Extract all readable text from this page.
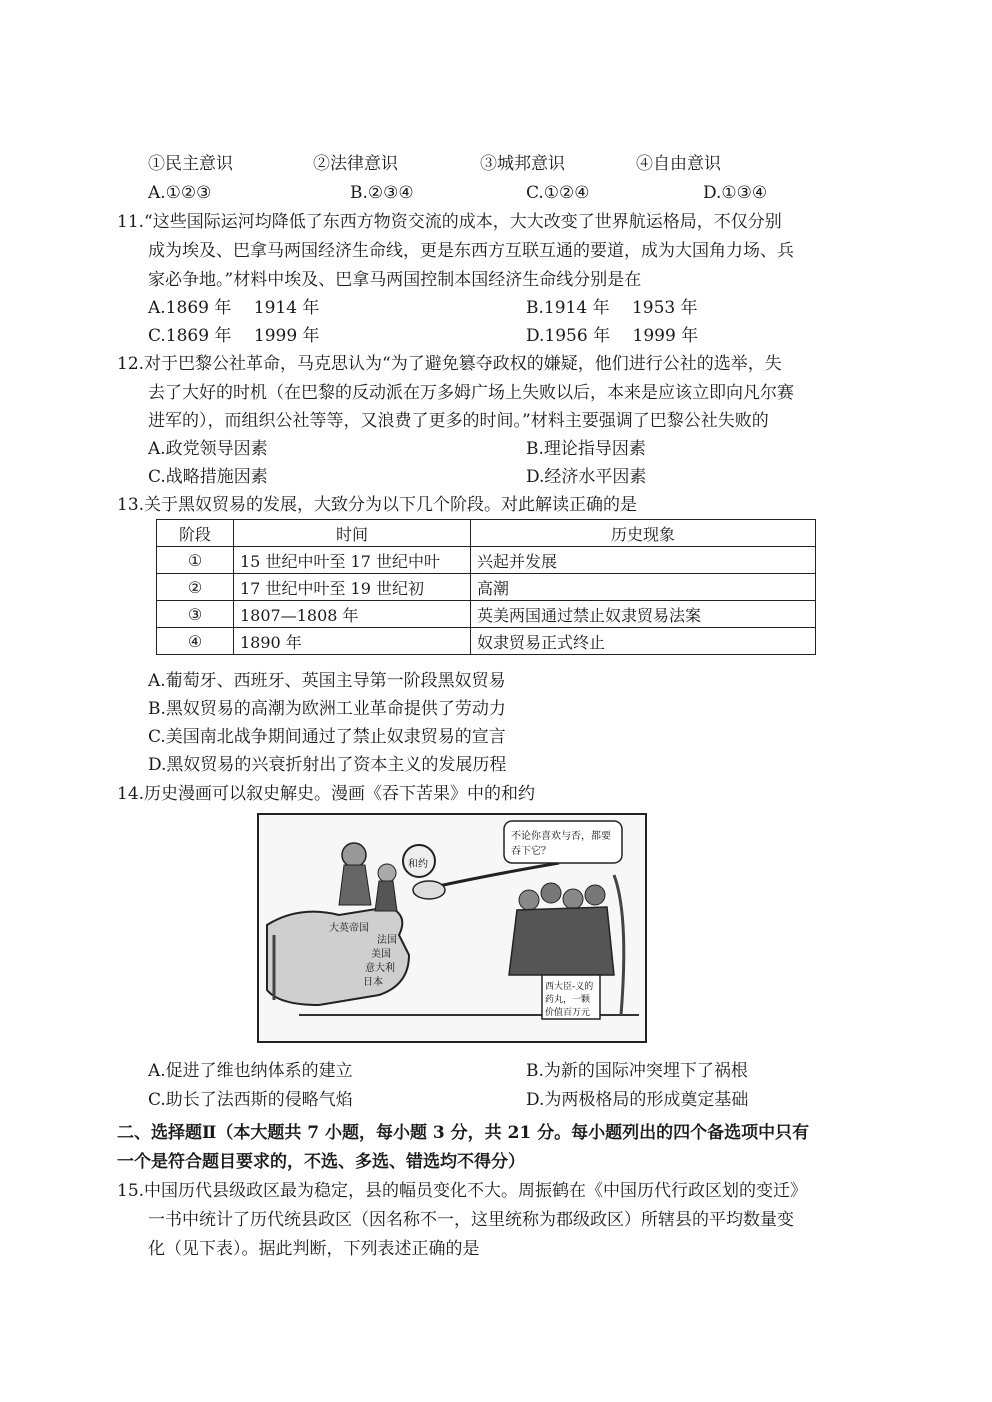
①民主意识	②法律意识	③城邦意识	④自由意识
A.①②③	B.②③④	C.①②④	D.①③④
11.“这些国际运河均降低了东西方物资交流的成本，大大改变了世界航运格局，不仅分别
成为埃及、巴拿马两国经济生命线，更是东西方互联互通的要道，成为大国角力场、兵
家必争地。”材料中埃及、巴拿马两国控制本国经济生命线分别是在
A.1869 年　 1914 年	B.1914 年　 1953 年
C.1869 年　 1999 年	D.1956 年　 1999 年
12.对于巴黎公社革命，马克思认为“为了避免篡夺政权的嫌疑，他们进行公社的选举，失
去了大好的时机（在巴黎的反动派在万多姆广场上失败以后，本来是应该立即向凡尔赛
进军的），而组织公社等等，又浪费了更多的时间。”材料主要强调了巴黎公社失败的
A.政党领导因素	B.理论指导因素
C.战略措施因素	D.经济水平因素
13.关于黑奴贸易的发展，大致分为以下几个阶段。对此解读正确的是
阶段	时间	历史现象
①	15 世纪中叶至 17 世纪中叶	兴起并发展
②	17 世纪中叶至 19 世纪初	高潮
③	1807—1808 年	英美两国通过禁止奴隶贸易法案
④	1890 年	奴隶贸易正式终止
A.葡萄牙、西班牙、英国主导第一阶段黑奴贸易
B.黑奴贸易的高潮为欧洲工业革命提供了劳动力
C.美国南北战争期间通过了禁止奴隶贸易的宣言
D.黑奴贸易的兴衰折射出了资本主义的发展历程
14.历史漫画可以叙史解史。漫画《吞下苦果》中的和约
不论你喜欢与否，都要
吞下它？
和约
大英帝国
法国
美国
意大利
日本	西大臣-义的
药丸，一颗
价值百万元
A.促进了维也纳体系的建立	B.为新的国际冲突埋下了祸根
C.助长了法西斯的侵略气焰	D.为两极格局的形成奠定基础
二、选择题Ⅱ（本大题共 7 小题，每小题 3 分，共 21 分。每小题列出的四个备选项中只有
一个是符合题目要求的，不选、多选、错选均不得分）
15.中国历代县级政区最为稳定，县的幅员变化不大。周振鹤在《中国历代行政区划的变迁》
一书中统计了历代统县政区（因名称不一，这里统称为郡级政区）所辖县的平均数量变
化（见下表）。据此判断，下列表述正确的是
